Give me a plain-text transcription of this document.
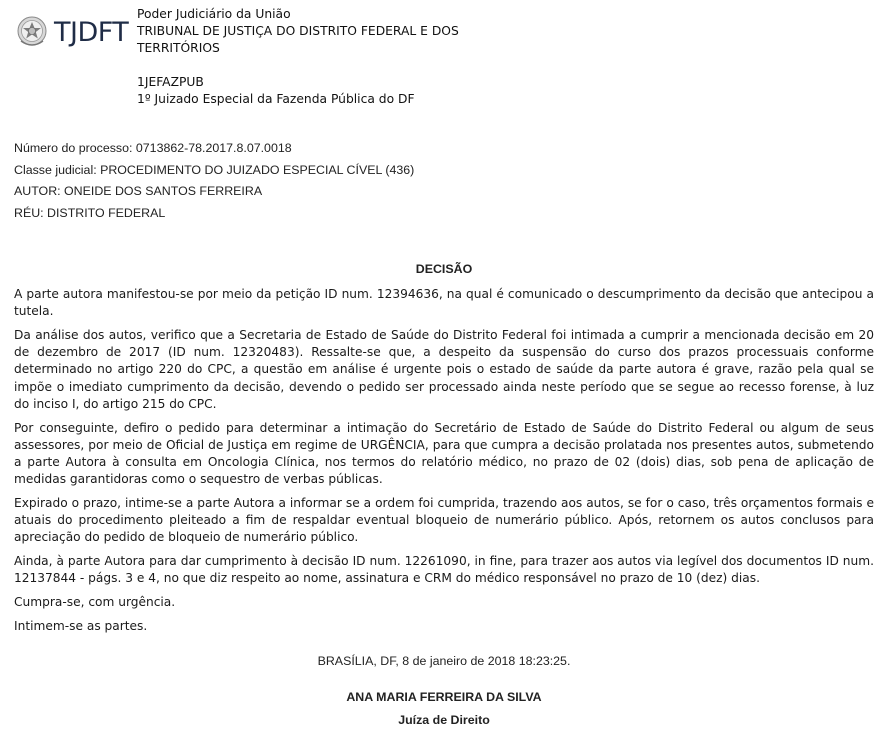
TJDFT
Poder Judiciário da União
TRIBUNAL DE JUSTIÇA DO DISTRITO FEDERAL E DOS
TERRITÓRIOS
1JEFAZPUB
1º Juizado Especial da Fazenda Pública do DF
Número do processo: 0713862-78.2017.8.07.0018
Classe judicial: PROCEDIMENTO DO JUIZADO ESPECIAL CÍVEL (436)
AUTOR: ONEIDE DOS SANTOS FERREIRA
RÉU: DISTRITO FEDERAL
DECISÃO

A parte autora manifestou-se por meio da petição ID num. 12394636, na qual é comunicado o descumprimento da decisão que antecipou a tutela.

Da análise dos autos, verifico que a Secretaria de Estado de Saúde do Distrito Federal foi intimada a cumprir a mencionada decisão em 20 de dezembro de 2017 (ID num. 12320483). Ressalte-se que, a despeito da suspensão do curso dos prazos processuais conforme determinado no artigo 220 do CPC, a questão em análise é urgente pois o estado de saúde da parte autora é grave, razão pela qual se impõe o imediato cumprimento da decisão, devendo o pedido ser processado ainda neste período que se segue ao recesso forense, à luz do inciso I, do artigo 215 do CPC.

Por conseguinte, defiro o pedido para determinar a intimação do Secretário de Estado de Saúde do Distrito Federal ou algum de seus assessores, por meio de Oficial de Justiça em regime de URGÊNCIA, para que cumpra a decisão prolatada nos presentes autos, submetendo a parte Autora à consulta em Oncologia Clínica, nos termos do relatório médico, no prazo de 02 (dois) dias, sob pena de aplicação de medidas garantidoras como o sequestro de verbas públicas.

Expirado o prazo, intime-se a parte Autora a informar se a ordem foi cumprida, trazendo aos autos, se for o caso, três orçamentos formais e atuais do procedimento pleiteado a fim de respaldar eventual bloqueio de numerário público. Após, retornem os autos conclusos para apreciação do pedido de bloqueio de numerário público.

Ainda, à parte Autora para dar cumprimento à decisão ID num. 12261090, in fine, para trazer aos autos via legível dos documentos ID num. 12137844 - págs. 3 e 4, no que diz respeito ao nome, assinatura e CRM do médico responsável no prazo de 10 (dez) dias.

Cumpra-se, com urgência.

Intimem-se as partes.

BRASÍLIA, DF, 8 de janeiro de 2018 18:23:25.
ANA MARIA FERREIRA DA SILVA
Juíza de Direito
